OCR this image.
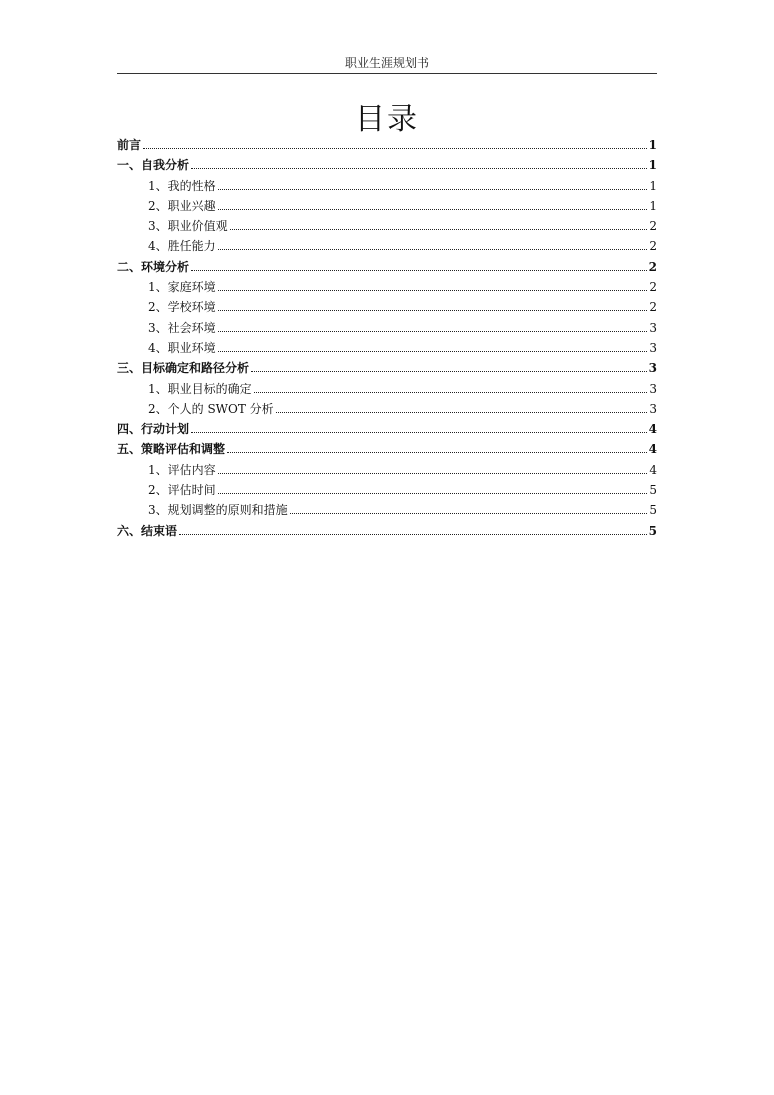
职业生涯规划书
目录
前言	1
一、自我分析	1
1、我的性格	1
2、职业兴趣	1
3、职业价值观	2
4、胜任能力	2
二、环境分析	2
1、家庭环境	2
2、学校环境	2
3、社会环境	3
4、职业环境	3
三、目标确定和路径分析	3
1、职业目标的确定	3
2、个人的 SWOT 分析	3
四、行动计划	4
五、策略评估和调整	4
1、评估内容	4
2、评估时间	5
3、规划调整的原则和措施	5
六、结束语	5
